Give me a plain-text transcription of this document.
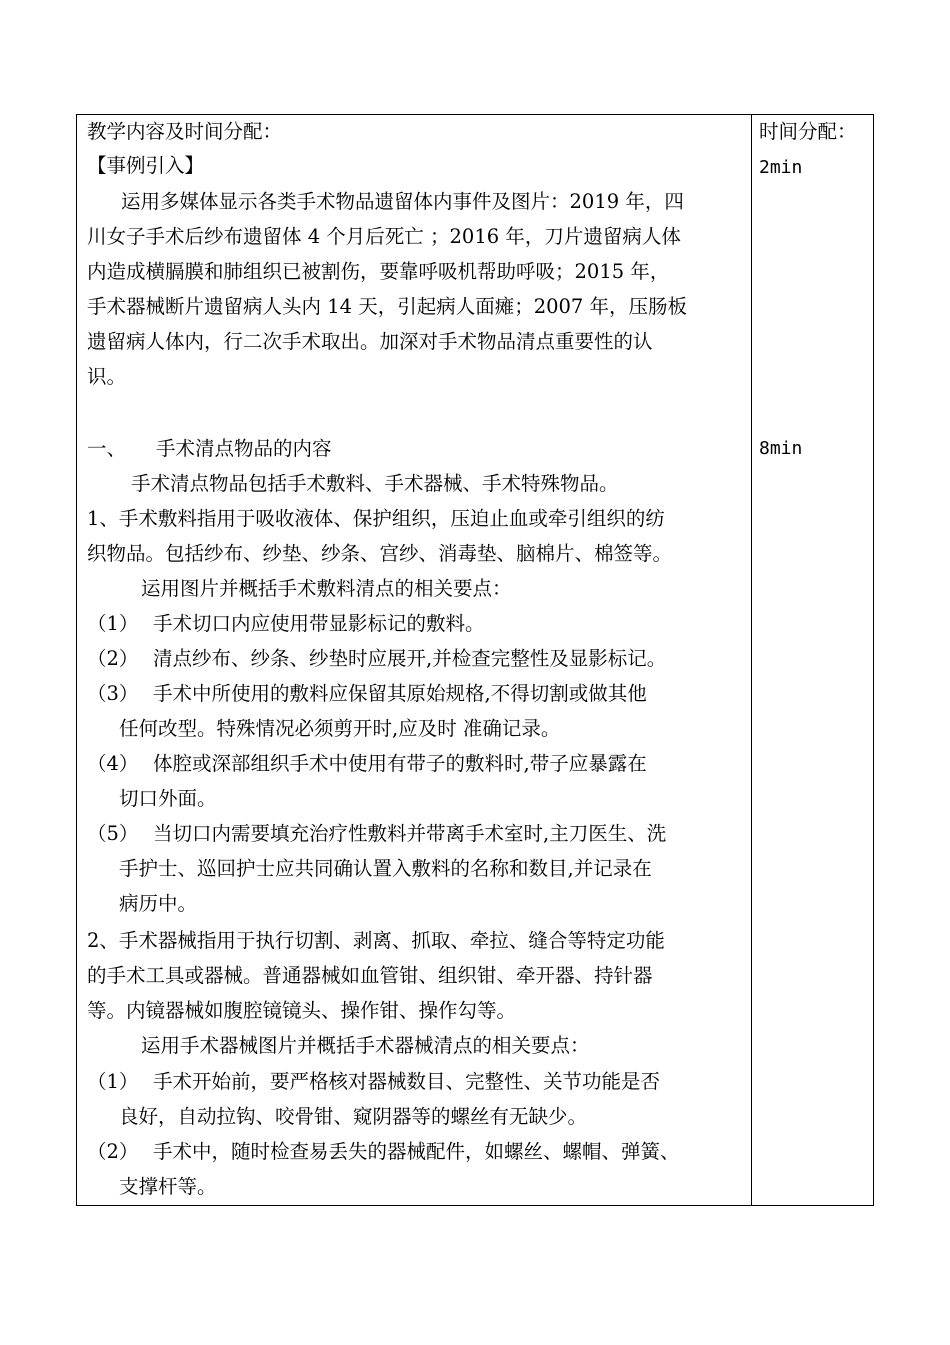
教学内容及时间分配：
【事例引入】
运用多媒体显示各类手术物品遗留体内事件及图片：2019 年，四
川女子手术后纱布遗留体 4 个月后死亡 ；2016 年，刀片遗留病人体
内造成横膈膜和肺组织已被割伤，要靠呼吸机帮助呼吸；2015 年，
手术器械断片遗留病人头内 14 天，引起病人面瘫；2007 年，压肠板
遗留病人体内，行二次手术取出。加深对手术物品清点重要性的认
识。
一、 手术清点物品的内容
手术清点物品包括手术敷料、手术器械、手术特殊物品。
1、手术敷料指用于吸收液体、保护组织，压迫止血或牵引组织的纺
织物品。包括纱布、纱垫、纱条、宫纱、消毒垫、脑棉片、棉签等。
运用图片并概括手术敷料清点的相关要点：
（1） 手术切口内应使用带显影标记的敷料。
（2） 清点纱布、纱条、纱垫时应展开,并检查完整性及显影标记。
（3） 手术中所使用的敷料应保留其原始规格,不得切割或做其他
任何改型。特殊情况必须剪开时,应及时 准确记录。
（4） 体腔或深部组织手术中使用有带子的敷料时,带子应暴露在
切口外面。
（5） 当切口内需要填充治疗性敷料并带离手术室时,主刀医生、洗
手护士、巡回护士应共同确认置入敷料的名称和数目,并记录在
病历中。
2、手术器械指用于执行切割、剥离、抓取、牵拉、缝合等特定功能
的手术工具或器械。普通器械如血管钳、组织钳、牵开器、持针器
等。内镜器械如腹腔镜镜头、操作钳、操作勾等。
运用手术器械图片并概括手术器械清点的相关要点：
（1） 手术开始前，要严格核对器械数目、完整性、关节功能是否
良好，自动拉钩、咬骨钳、窥阴器等的螺丝有无缺少。
（2） 手术中，随时检查易丢失的器械配件，如螺丝、螺帽、弹簧、
支撑杆等。
时间分配：
2min
8min
